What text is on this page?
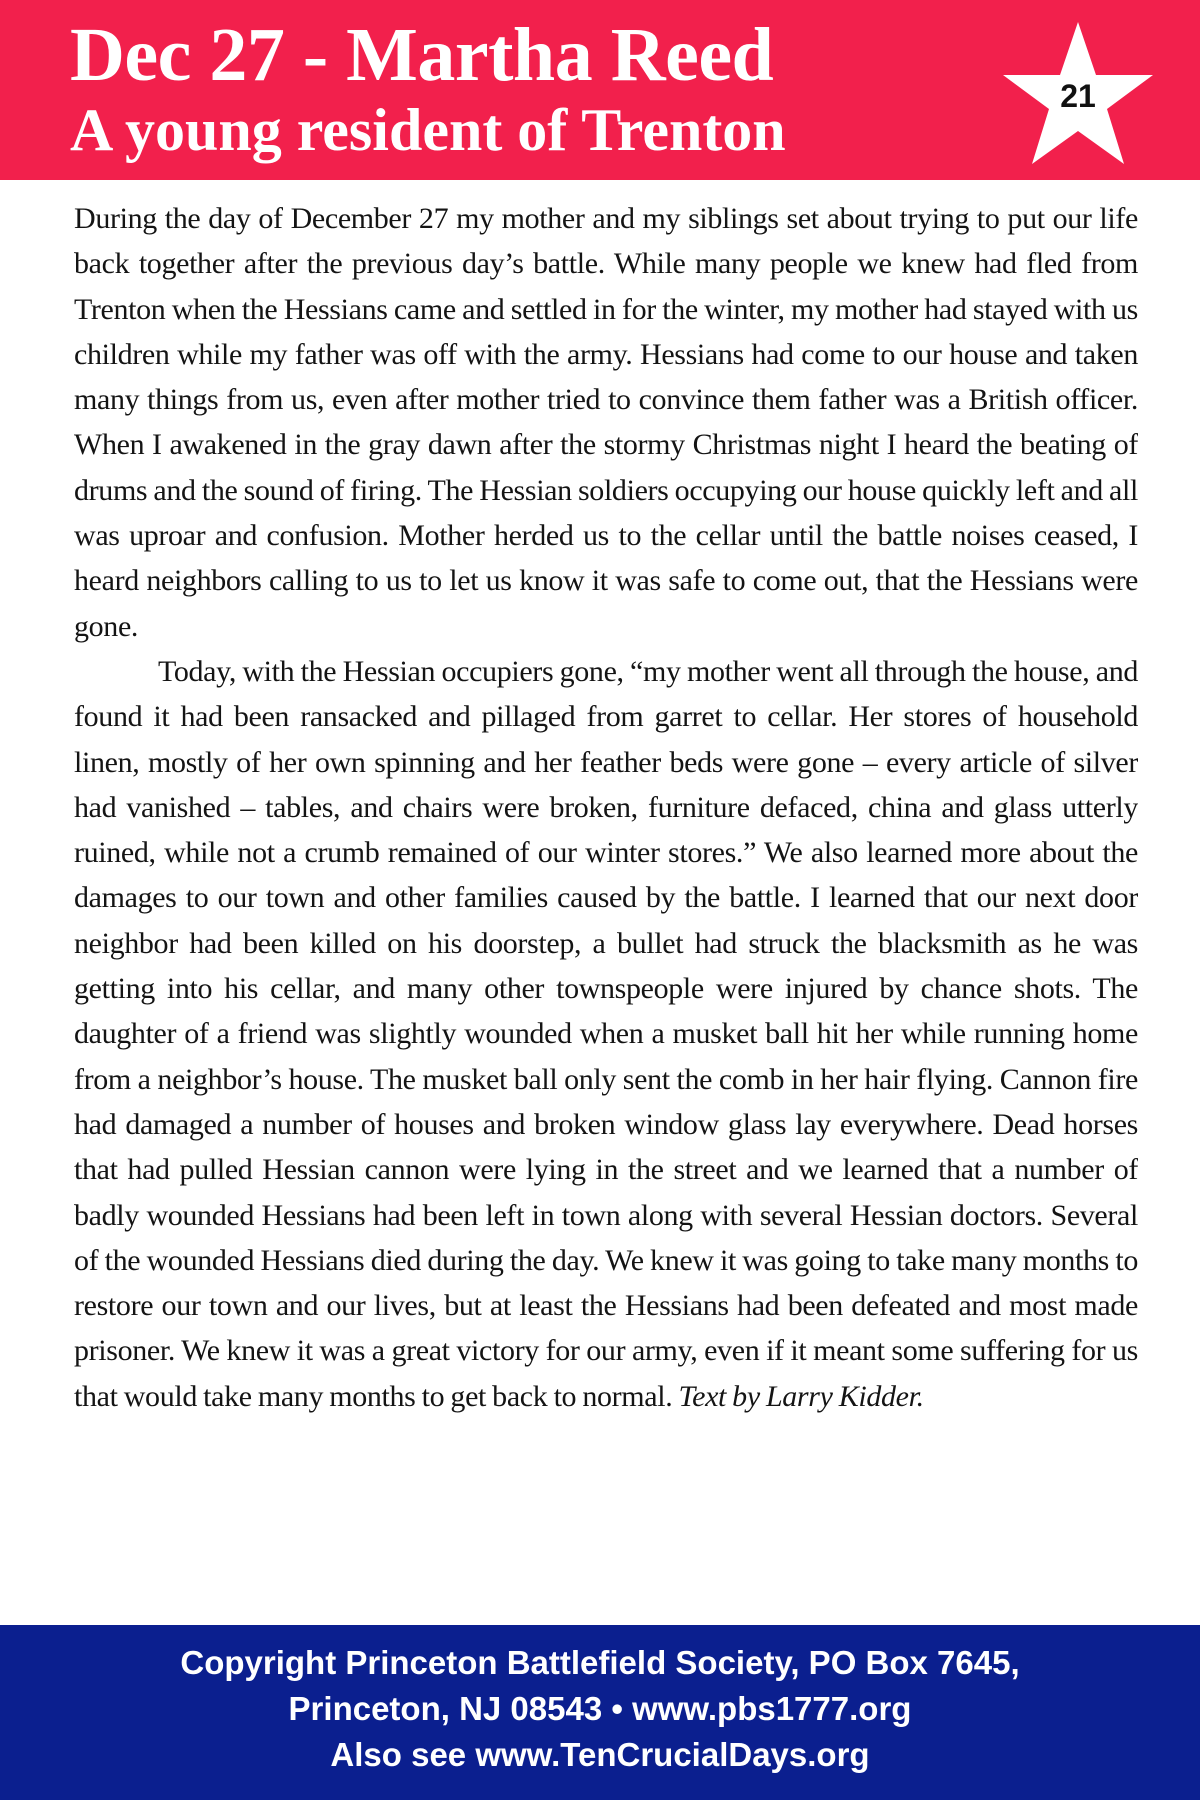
Dec 27 - Martha Reed
A young resident of Trenton
21

During the day of December 27 my mother and my siblings set about trying to put our life back together after the previous day’s battle. While many people we knew had fled from Trenton when the Hessians came and settled in for the winter, my mother had stayed with us children while my father was off with the army. Hessians had come to our house and taken many things from us, even after mother tried to convince them father was a British officer. When I awakened in the gray dawn after the stormy Christmas night I heard the beating of drums and the sound of firing. The Hessian soldiers occupying our house quickly left and all was uproar and confusion. Mother herded us to the cellar until the battle noises ceased, I heard neighbors calling to us to let us know it was safe to come out, that the Hessians were gone.

Today, with the Hessian occupiers gone, “my mother went all through the house, and found it had been ransacked and pillaged from garret to cellar. Her stores of household linen, mostly of her own spinning and her feather beds were gone – every article of silver had vanished – tables, and chairs were broken, furniture defaced, china and glass utterly ruined, while not a crumb remained of our winter stores.” We also learned more about the damages to our town and other families caused by the battle. I learned that our next door neighbor had been killed on his doorstep, a bullet had struck the blacksmith as he was getting into his cellar, and many other townspeople were injured by chance shots. The daughter of a friend was slightly wounded when a musket ball hit her while running home from a neighbor’s house. The musket ball only sent the comb in her hair flying. Cannon fire had damaged a number of houses and broken window glass lay everywhere. Dead horses that had pulled Hessian cannon were lying in the street and we learned that a number of badly wounded Hessians had been left in town along with several Hessian doctors. Several of the wounded Hessians died during the day. We knew it was going to take many months to restore our town and our lives, but at least the Hessians had been defeated and most made prisoner. We knew it was a great victory for our army, even if it meant some suffering for us that would take many months to get back to normal. Text by Larry Kidder.

Copyright Princeton Battlefield Society, PO Box 7645,
Princeton, NJ 08543 • www.pbs1777.org
Also see www.TenCrucialDays.org
